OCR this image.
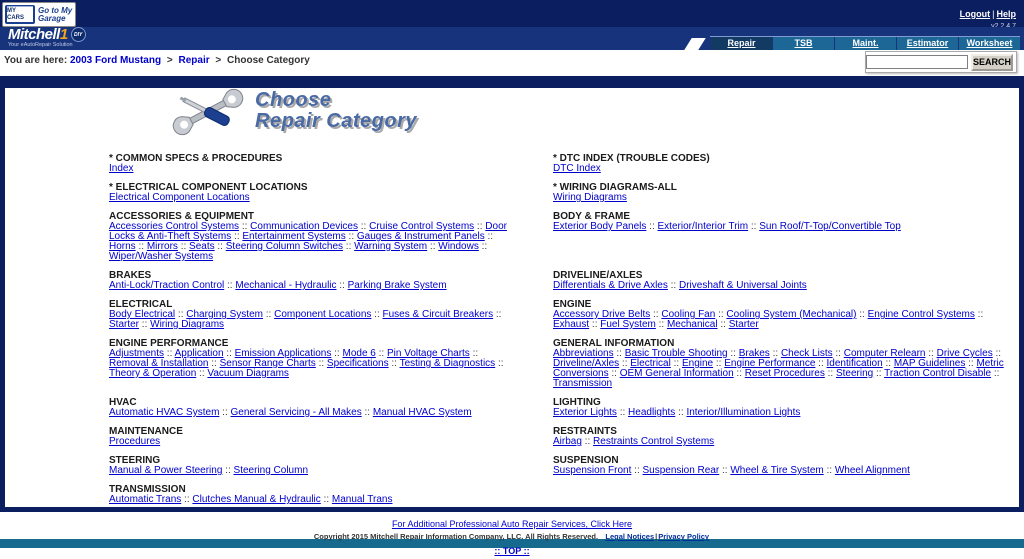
MY CARS
Go to My Garage	Logout | Help
Mitchell1	DIY
Your eAutoRepair Solution	Repair	TSB	Maint.	Estimator	Worksheet
You are here: 2003 Ford Mustang > Repair > Choose Category	SEARCH
Choose
Repair Category
* COMMON SPECS & PROCEDURES
Index
* DTC INDEX (TROUBLE CODES)
DTC Index
* ELECTRICAL COMPONENT LOCATIONS
Electrical Component Locations
* WIRING DIAGRAMS-ALL
Wiring Diagrams
ACCESSORIES & EQUIPMENT
Accessories Control Systems :: Communication Devices :: Cruise Control Systems :: Door Locks & Anti-Theft Systems :: Entertainment Systems :: Gauges & Instrument Panels :: Horns :: Mirrors :: Seats :: Steering Column Switches :: Warning System :: Windows :: Wiper/Washer Systems
BODY & FRAME
Exterior Body Panels :: Exterior/Interior Trim :: Sun Roof/T-Top/Convertible Top
BRAKES
Anti-Lock/Traction Control :: Mechanical - Hydraulic :: Parking Brake System
DRIVELINE/AXLES
Differentials & Drive Axles :: Driveshaft & Universal Joints
ELECTRICAL
Body Electrical :: Charging System :: Component Locations :: Fuses & Circuit Breakers :: Starter :: Wiring Diagrams
ENGINE
Accessory Drive Belts :: Cooling Fan :: Cooling System (Mechanical) :: Engine Control Systems :: Exhaust :: Fuel System :: Mechanical :: Starter
ENGINE PERFORMANCE
Adjustments :: Application :: Emission Applications :: Mode 6 :: Pin Voltage Charts :: Removal & Installation :: Sensor Range Charts :: Specifications :: Testing & Diagnostics :: Theory & Operation :: Vacuum Diagrams
GENERAL INFORMATION
Abbreviations :: Basic Trouble Shooting :: Brakes :: Check Lists :: Computer Relearn :: Drive Cycles :: Driveline/Axles :: Electrical :: Engine :: Engine Performance :: Identification :: MAP Guidelines :: Metric Conversions :: OEM General Information :: Reset Procedures :: Steering :: Traction Control Disable :: Transmission
HVAC
Automatic HVAC System :: General Servicing - All Makes :: Manual HVAC System
LIGHTING
Exterior Lights :: Headlights :: Interior/Illumination Lights
MAINTENANCE
Procedures
RESTRAINTS
Airbag :: Restraints Control Systems
STEERING
Manual & Power Steering :: Steering Column
SUSPENSION
Suspension Front :: Suspension Rear :: Wheel & Tire System :: Wheel Alignment
TRANSMISSION
Automatic Trans :: Clutches Manual & Hydraulic :: Manual Trans
For Additional Professional Auto Repair Services, Click Here
Copyright 2015 Mitchell Repair Information Company, LLC. All Rights Reserved. Legal Notices|Privacy Policy
:: TOP ::
